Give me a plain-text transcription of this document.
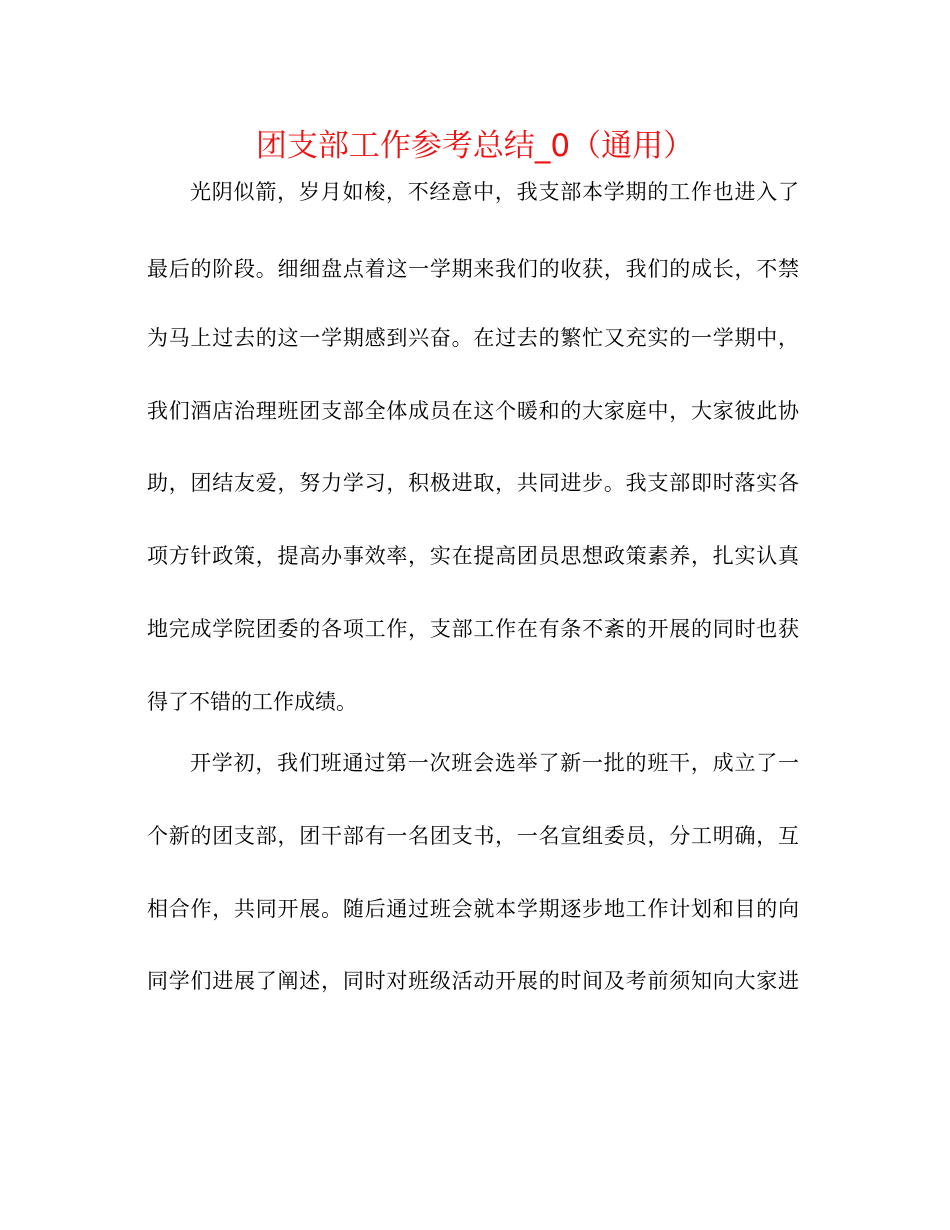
团支部工作参考总结_0（通用）
光阴似箭，岁月如梭，不经意中，我支部本学期的工作也进入了
最后的阶段。细细盘点着这一学期来我们的收获，我们的成长，不禁
为马上过去的这一学期感到兴奋。在过去的繁忙又充实的一学期中，
我们酒店治理班团支部全体成员在这个暖和的大家庭中，大家彼此协
助，团结友爱，努力学习，积极进取，共同进步。我支部即时落实各
项方针政策，提高办事效率，实在提高团员思想政策素养，扎实认真
地完成学院团委的各项工作，支部工作在有条不紊的开展的同时也获
得了不错的工作成绩。
开学初，我们班通过第一次班会选举了新一批的班干，成立了一
个新的团支部，团干部有一名团支书，一名宣组委员，分工明确，互
相合作，共同开展。随后通过班会就本学期逐步地工作计划和目的向
同学们进展了阐述，同时对班级活动开展的时间及考前须知向大家进
